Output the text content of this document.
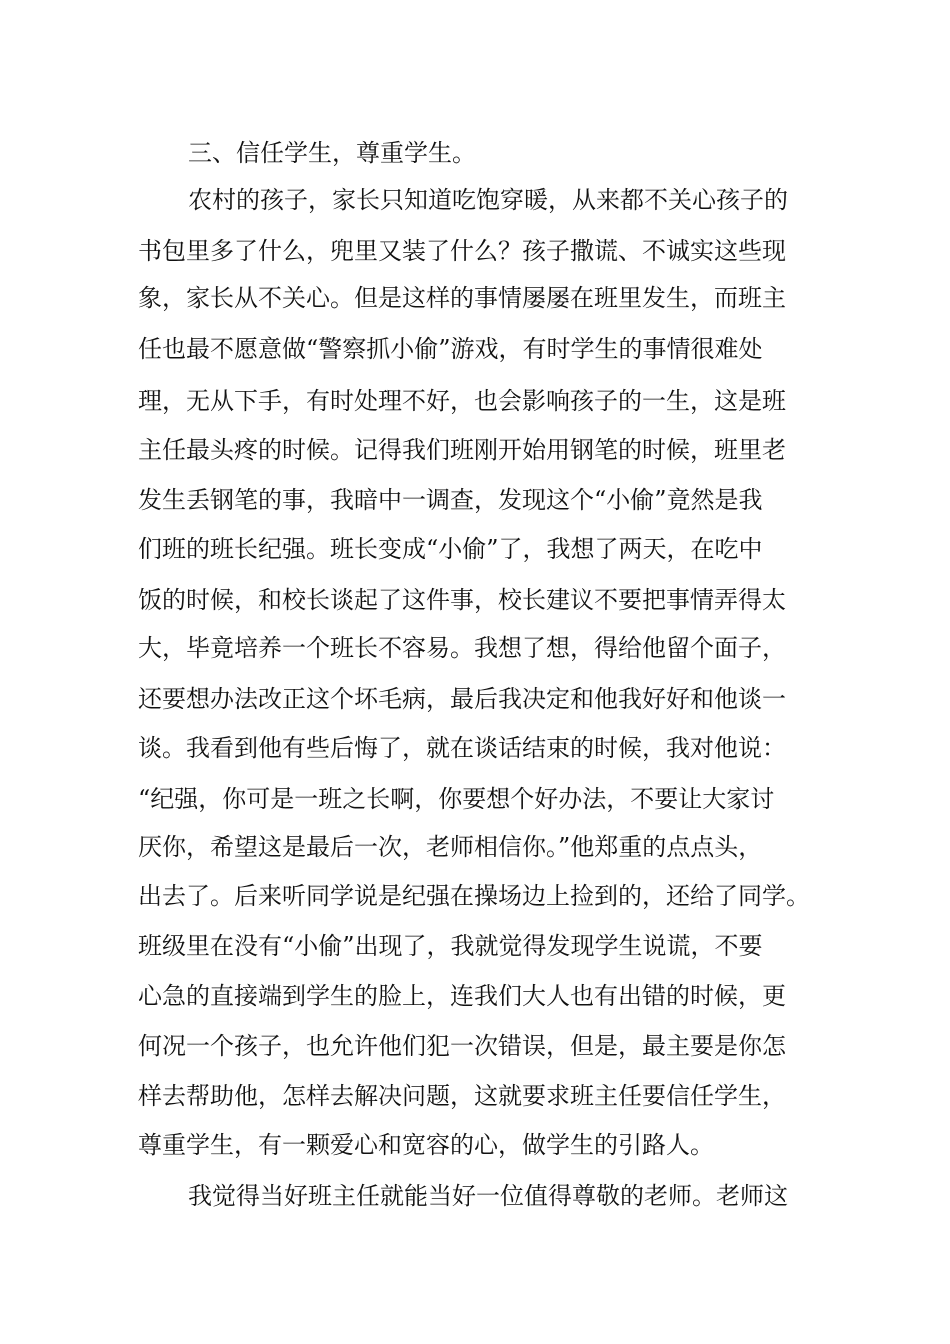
三、信任学生，尊重学生。
农村的孩子，家长只知道吃饱穿暖，从来都不关心孩子的
书包里多了什么，兜里又装了什么？孩子撒谎、不诚实这些现
象，家长从不关心。但是这样的事情屡屡在班里发生，而班主
任也最不愿意做“警察抓小偷”游戏，有时学生的事情很难处
理，无从下手，有时处理不好，也会影响孩子的一生，这是班
主任最头疼的时候。记得我们班刚开始用钢笔的时候，班里老
发生丢钢笔的事，我暗中一调查，发现这个“小偷”竟然是我
们班的班长纪强。班长变成“小偷”了，我想了两天，在吃中
饭的时候，和校长谈起了这件事，校长建议不要把事情弄得太
大，毕竟培养一个班长不容易。我想了想，得给他留个面子，
还要想办法改正这个坏毛病，最后我决定和他我好好和他谈一
谈。我看到他有些后悔了，就在谈话结束的时候，我对他说：
“纪强，你可是一班之长啊，你要想个好办法，不要让大家讨
厌你，希望这是最后一次，老师相信你。”他郑重的点点头，
出去了。后来听同学说是纪强在操场边上捡到的，还给了同学。
班级里在没有“小偷”出现了，我就觉得发现学生说谎，不要
心急的直接端到学生的脸上，连我们大人也有出错的时候，更
何况一个孩子，也允许他们犯一次错误，但是，最主要是你怎
样去帮助他，怎样去解决问题，这就要求班主任要信任学生，
尊重学生，有一颗爱心和宽容的心，做学生的引路人。
我觉得当好班主任就能当好一位值得尊敬的老师。老师这
